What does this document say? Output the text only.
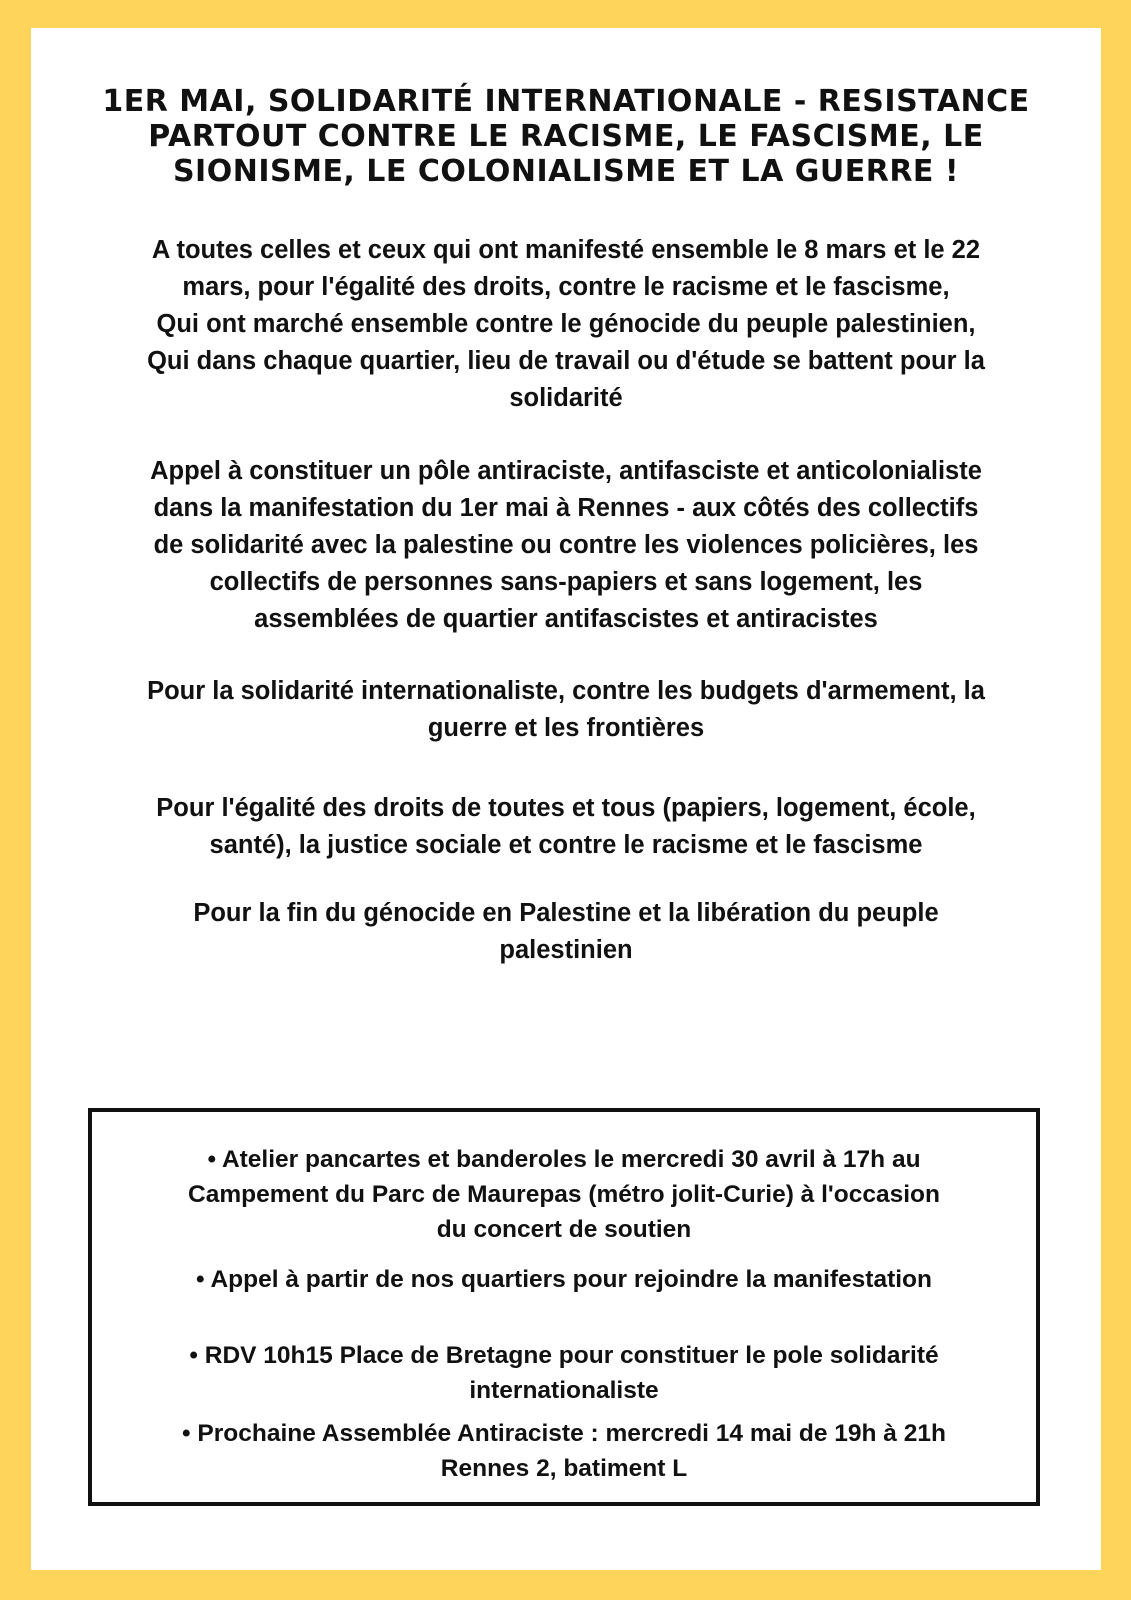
1ER MAI, SOLIDARITÉ INTERNATIONALE - RESISTANCE PARTOUT CONTRE LE RACISME, LE FASCISME, LE SIONISME, LE COLONIALISME ET LA GUERRE !

A toutes celles et ceux qui ont manifesté ensemble le 8 mars et le 22
mars, pour l'égalité des droits, contre le racisme et le fascisme,
Qui ont marché ensemble contre le génocide du peuple palestinien,
Qui dans chaque quartier, lieu de travail ou d'étude se battent pour la
solidarité

Appel à constituer un pôle antiraciste, antifasciste et anticolonialiste
dans la manifestation du 1er mai à Rennes - aux côtés des collectifs
de solidarité avec la palestine ou contre les violences policières, les
collectifs de personnes sans-papiers et sans logement, les
assemblées de quartier antifascistes et antiracistes

Pour la solidarité internationaliste, contre les budgets d'armement, la
guerre et les frontières

Pour l'égalité des droits de toutes et tous (papiers, logement, école,
santé), la justice sociale et contre le racisme et le fascisme

Pour la fin du génocide en Palestine et la libération du peuple
palestinien

• Atelier pancartes et banderoles le mercredi 30 avril à 17h au
Campement du Parc de Maurepas (métro jolit-Curie) à l'occasion
du concert de soutien

• Appel à partir de nos quartiers pour rejoindre la manifestation

• RDV 10h15 Place de Bretagne pour constituer le pole solidarité
internationaliste

• Prochaine Assemblée Antiraciste : mercredi 14 mai de 19h à 21h
Rennes 2, batiment L
